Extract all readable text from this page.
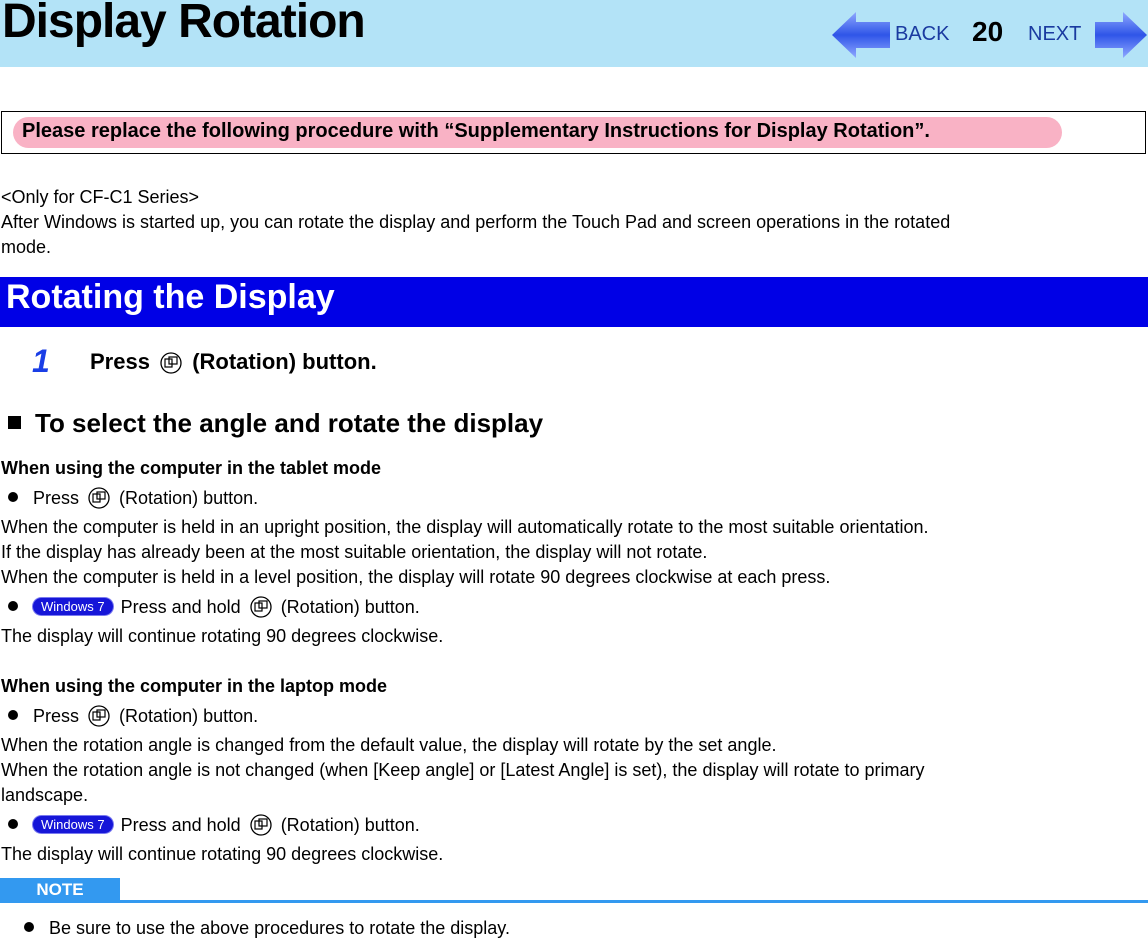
Display Rotation	BACK 20 NEXT
Please replace the following procedure with “Supplementary Instructions for Display Rotation”.
<Only for CF-C1 Series>
After Windows is started up, you can rotate the display and perform the Touch Pad and screen operations in the rotated
mode.
Rotating the Display
1 Press (Rotation) button.
To select the angle and rotate the display
When using the computer in the tablet mode
Press (Rotation) button.
When the computer is held in an upright position, the display will automatically rotate to the most suitable orientation.
If the display has already been at the most suitable orientation, the display will not rotate.
When the computer is held in a level position, the display will rotate 90 degrees clockwise at each press.
Windows 7 Press and hold (Rotation) button.
The display will continue rotating 90 degrees clockwise.
When using the computer in the laptop mode
Press (Rotation) button.
When the rotation angle is changed from the default value, the display will rotate by the set angle.
When the rotation angle is not changed (when [Keep angle] or [Latest Angle] is set), the display will rotate to primary
landscape.
Windows 7 Press and hold (Rotation) button.
The display will continue rotating 90 degrees clockwise.
NOTE
Be sure to use the above procedures to rotate the display.
